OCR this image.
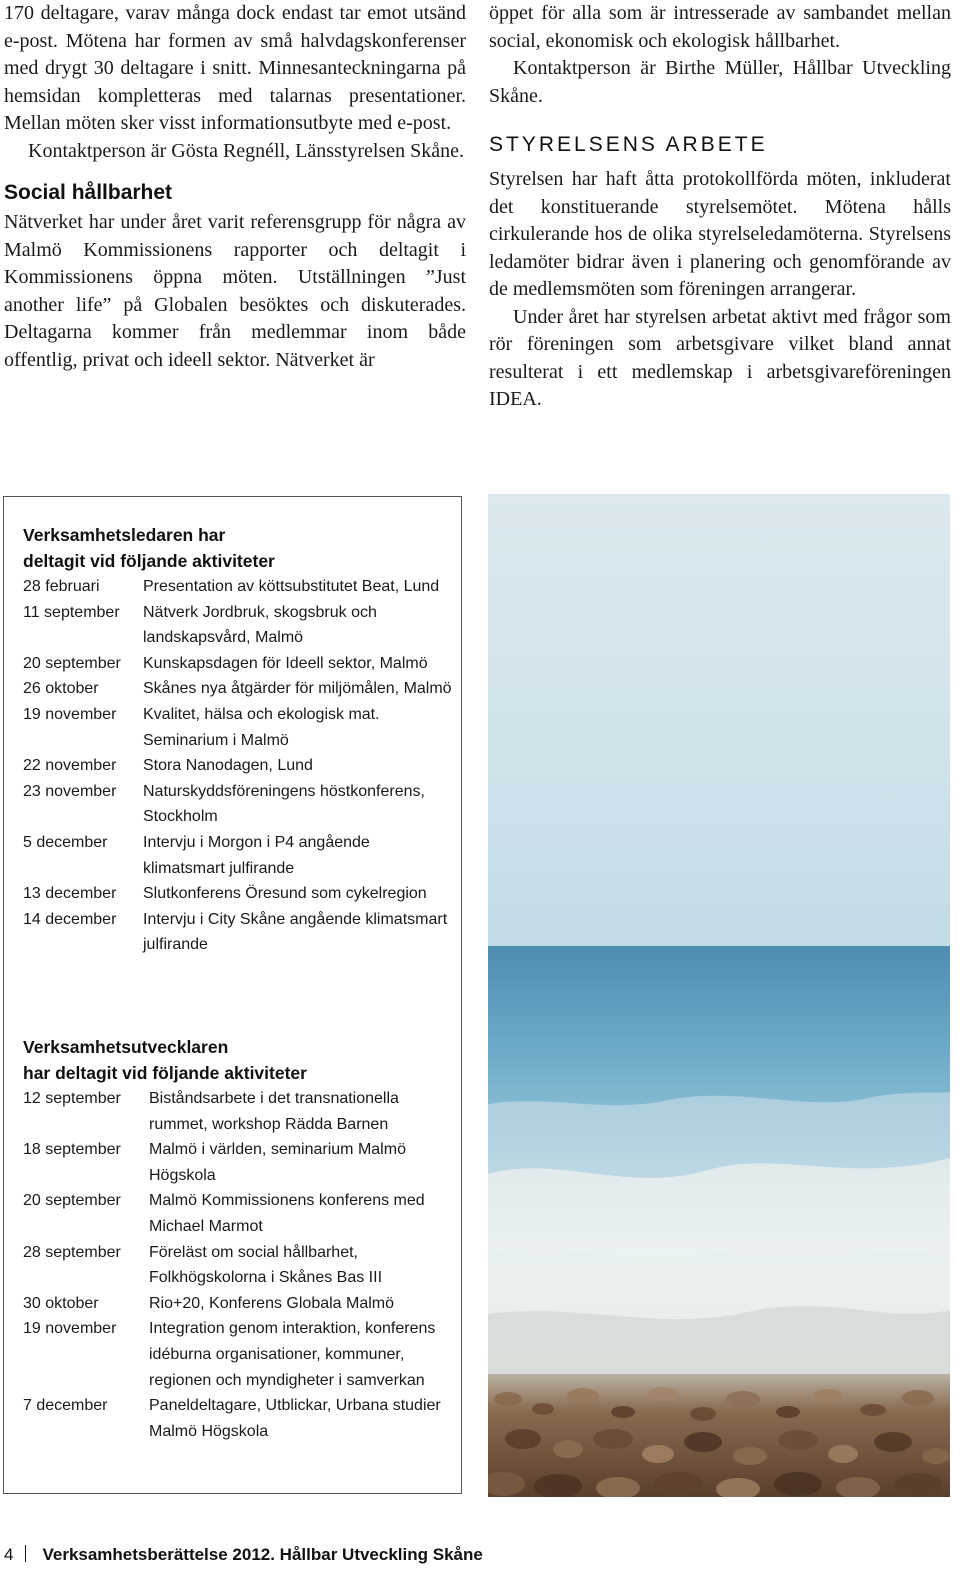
170 deltagare, varav många dock endast tar emot utsänd e-post. Mötena har formen av små halvdagskonferenser med drygt 30 deltagare i snitt. Minnesanteckningarna på hemsidan kompletteras med talarnas presentationer. Mellan möten sker visst informationsutbyte med e-post.

Kontaktperson är Gösta Regnéll, Länsstyrelsen Skåne.

Social hållbarhet

Nätverket har under året varit referensgrupp för några av Malmö Kommissionens rapporter och deltagit i Kommissionens öppna möten. Utställningen ”Just another life” på Globalen besöktes och diskuterades. Deltagarna kommer från medlemmar inom både offentlig, privat och ideell sektor. Nätverket är

öppet för alla som är intresserade av sambandet mellan social, ekonomisk och ekologisk hållbarhet.

Kontaktperson är Birthe Müller, Hållbar Utveckling Skåne.

STYRELSENS ARBETE

Styrelsen har haft åtta protokollförda möten, inkluderat det konstituerande styrelsemötet. Mötena hålls cirkulerande hos de olika styrelseledamöterna. Styrelsens ledamöter bidrar även i planering och genomförande av de medlemsmöten som föreningen arrangerar.

Under året har styrelsen arbetat aktivt med frågor som rör föreningen som arbetsgivare vilket bland annat resulterat i ett medlemskap i arbetsgivareföreningen IDEA.

Verksamhetsledaren har
deltagit vid följande aktiviteter
28 februari	Presentation av köttsubstitutet Beat, Lund
11 september	Nätverk Jordbruk, skogsbruk och landskapsvård, Malmö
20 september	Kunskapsdagen för Ideell sektor, Malmö
26 oktober	Skånes nya åtgärder för miljömålen, Malmö
19 november	Kvalitet, hälsa och ekologisk mat. Seminarium i Malmö
22 november	Stora Nanodagen, Lund
23 november	Naturskyddsföreningens höstkonferens, Stockholm
5 december	Intervju i Morgon i P4 angående klimatsmart julfirande
13 december	Slutkonferens Öresund som cykelregion
14 december	Intervju i City Skåne angående klimatsmart julfirande
Verksamhetsutvecklaren
har deltagit vid följande aktiviteter
12 september	Biståndsarbete i det transnationella rummet, workshop Rädda Barnen
18 september	Malmö i världen, seminarium Malmö Högskola
20 september	Malmö Kommissionens konferens med Michael Marmot
28 september	Föreläst om social hållbarhet, Folkhögskolorna i Skånes Bas III
30 oktober	Rio+20, Konferens Globala Malmö
19 november	Integration genom interaktion, konferens idéburna organisationer, kommuner, regionen och myndigheter i samverkan
7 december	Paneldeltagare, Utblickar, Urbana studier Malmö Högskola
4 Verksamhetsberättelse 2012. Hållbar Utveckling Skåne
